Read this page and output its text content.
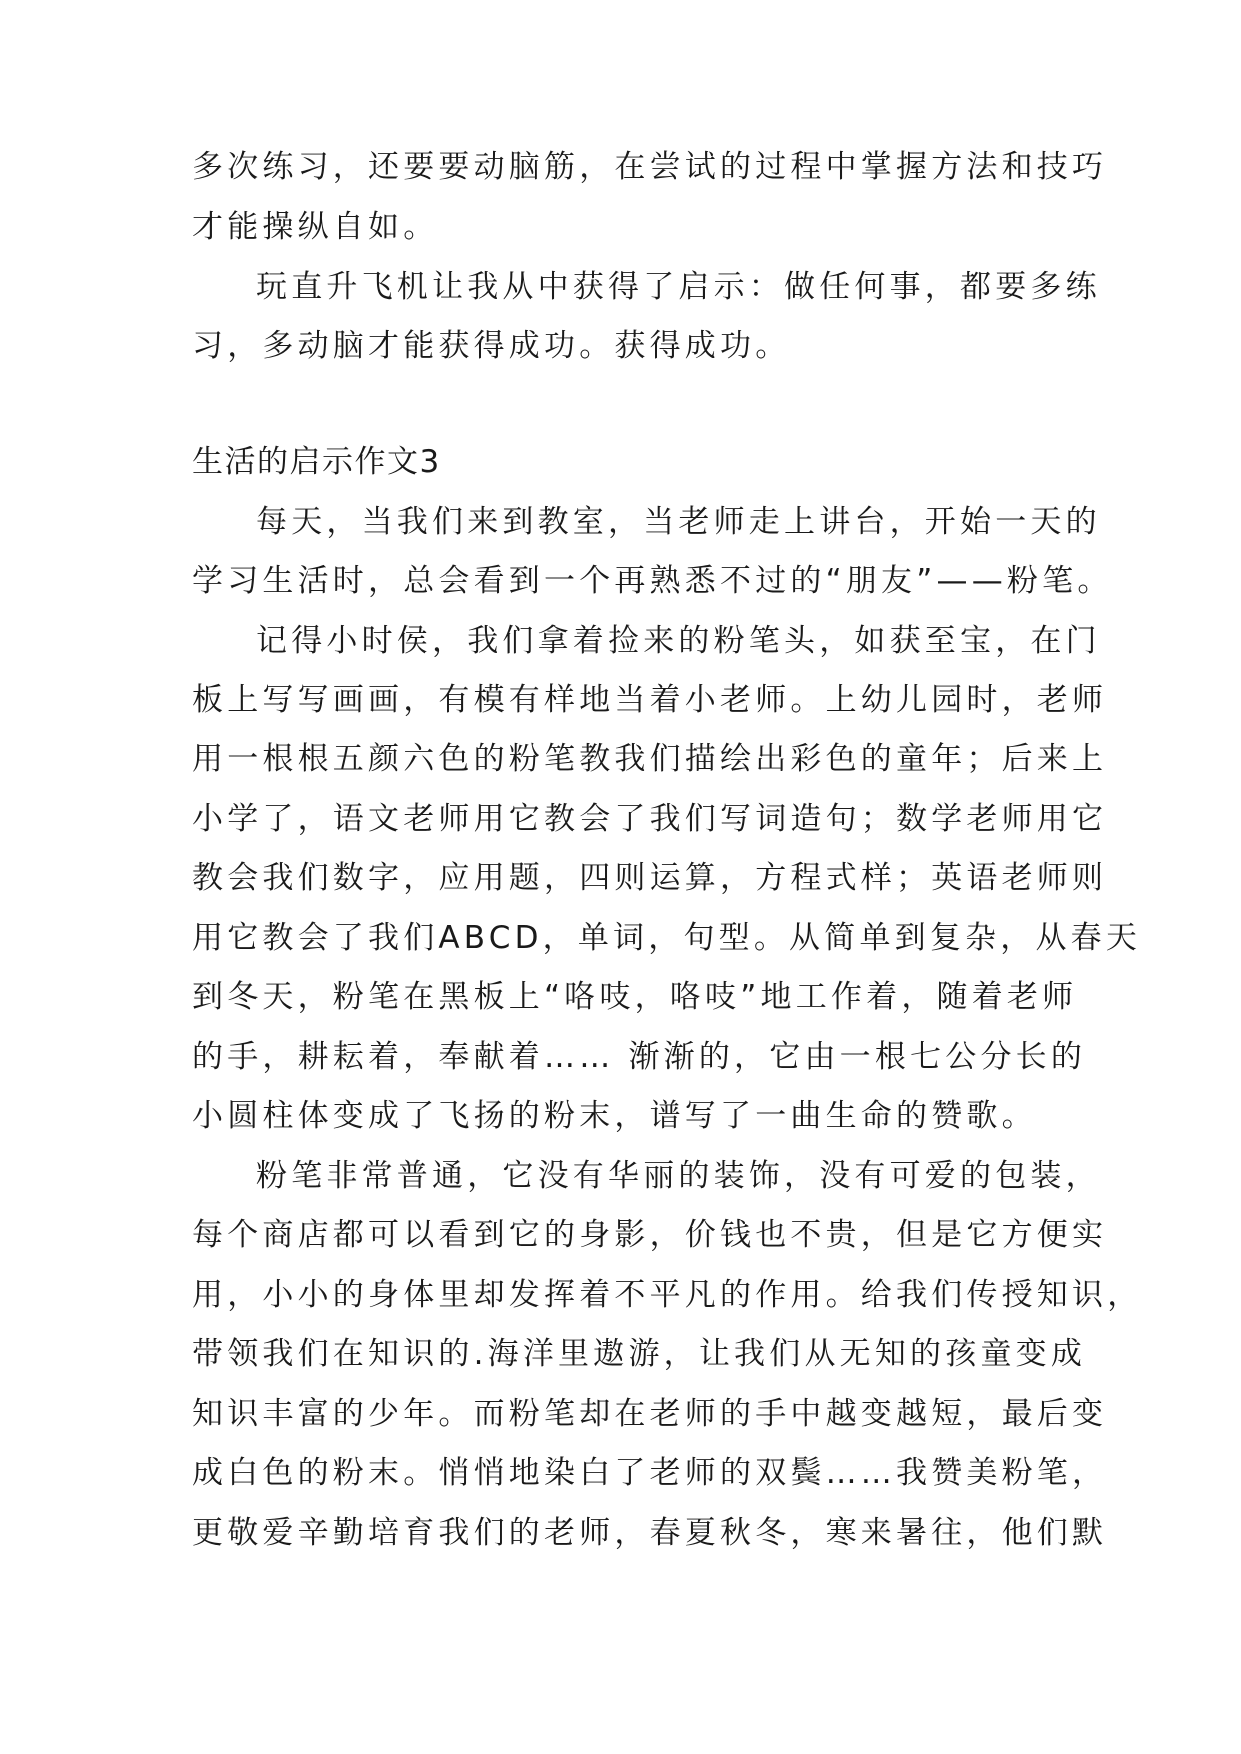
多次练习，还要要动脑筋，在尝试的过程中掌握方法和技巧
才能操纵自如。
玩直升飞机让我从中获得了启示：做任何事，都要多练
习，多动脑才能获得成功。获得成功。
生活的启示作文3
每天，当我们来到教室，当老师走上讲台，开始一天的
学习生活时，总会看到一个再熟悉不过的“朋友”——粉笔。
记得小时侯，我们拿着捡来的粉笔头，如获至宝，在门
板上写写画画，有模有样地当着小老师。上幼儿园时，老师
用一根根五颜六色的粉笔教我们描绘出彩色的童年；后来上
小学了，语文老师用它教会了我们写词造句；数学老师用它
教会我们数字，应用题，四则运算，方程式样；英语老师则
用它教会了我们ABCD，单词，句型。从简单到复杂，从春天
到冬天，粉笔在黑板上“咯吱，咯吱”地工作着，随着老师
的手，耕耘着，奉献着…… 渐渐的，它由一根七公分长的
小圆柱体变成了飞扬的粉末，谱写了一曲生命的赞歌。
粉笔非常普通，它没有华丽的装饰，没有可爱的包装，
每个商店都可以看到它的身影，价钱也不贵，但是它方便实
用，小小的身体里却发挥着不平凡的作用。给我们传授知识，
带领我们在知识的.海洋里遨游，让我们从无知的孩童变成
知识丰富的少年。而粉笔却在老师的手中越变越短，最后变
成白色的粉末。悄悄地染白了老师的双鬓……我赞美粉笔，
更敬爱辛勤培育我们的老师，春夏秋冬，寒来暑往，他们默
